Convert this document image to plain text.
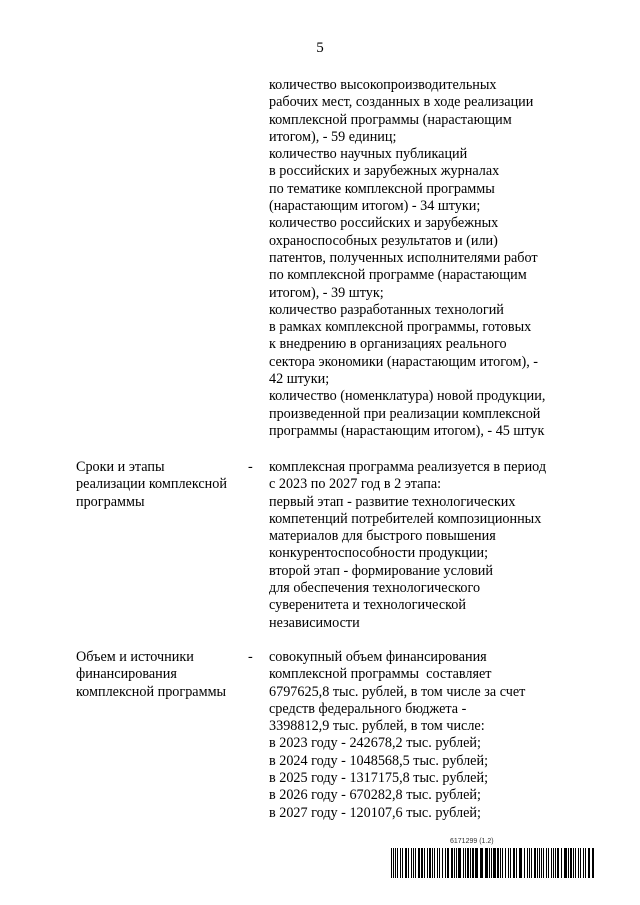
5
количество высокопроизводительных
рабочих мест, созданных в ходе реализации
комплексной программы (нарастающим
итогом), - 59 единиц;
количество научных публикаций
в российских и зарубежных журналах
по тематике комплексной программы
(нарастающим итогом) - 34 штуки;
количество российских и зарубежных
охраноспособных результатов и (или)
патентов, полученных исполнителями работ
по комплексной программе (нарастающим
итогом), - 39 штук;
количество разработанных технологий
в рамках комплексной программы, готовых
к внедрению в организациях реального
сектора экономики (нарастающим итогом), -
42 штуки;
количество (номенклатура) новой продукции,
произведенной при реализации комплексной
программы (нарастающим итогом), - 45 штук
Сроки и этапы
реализации комплексной
программы
- комплексная программа реализуется в период
с 2023 по 2027 год в 2 этапа:
первый этап - развитие технологических
компетенций потребителей композиционных
материалов для быстрого повышения
конкурентоспособности продукции;
второй этап - формирование условий
для обеспечения технологического
суверенитета и технологической
независимости
Объем и источники
финансирования
комплексной программы
- совокупный объем финансирования
комплексной программы  составляет
6797625,8 тыс. рублей, в том числе за счет
средств федерального бюджета -
3398812,9 тыс. рублей, в том числе:
в 2023 году - 242678,2 тыс. рублей;
в 2024 году - 1048568,5 тыс. рублей;
в 2025 году - 1317175,8 тыс. рублей;
в 2026 году - 670282,8 тыс. рублей;
в 2027 году - 120107,6 тыс. рублей;
6171299 (1.2)
